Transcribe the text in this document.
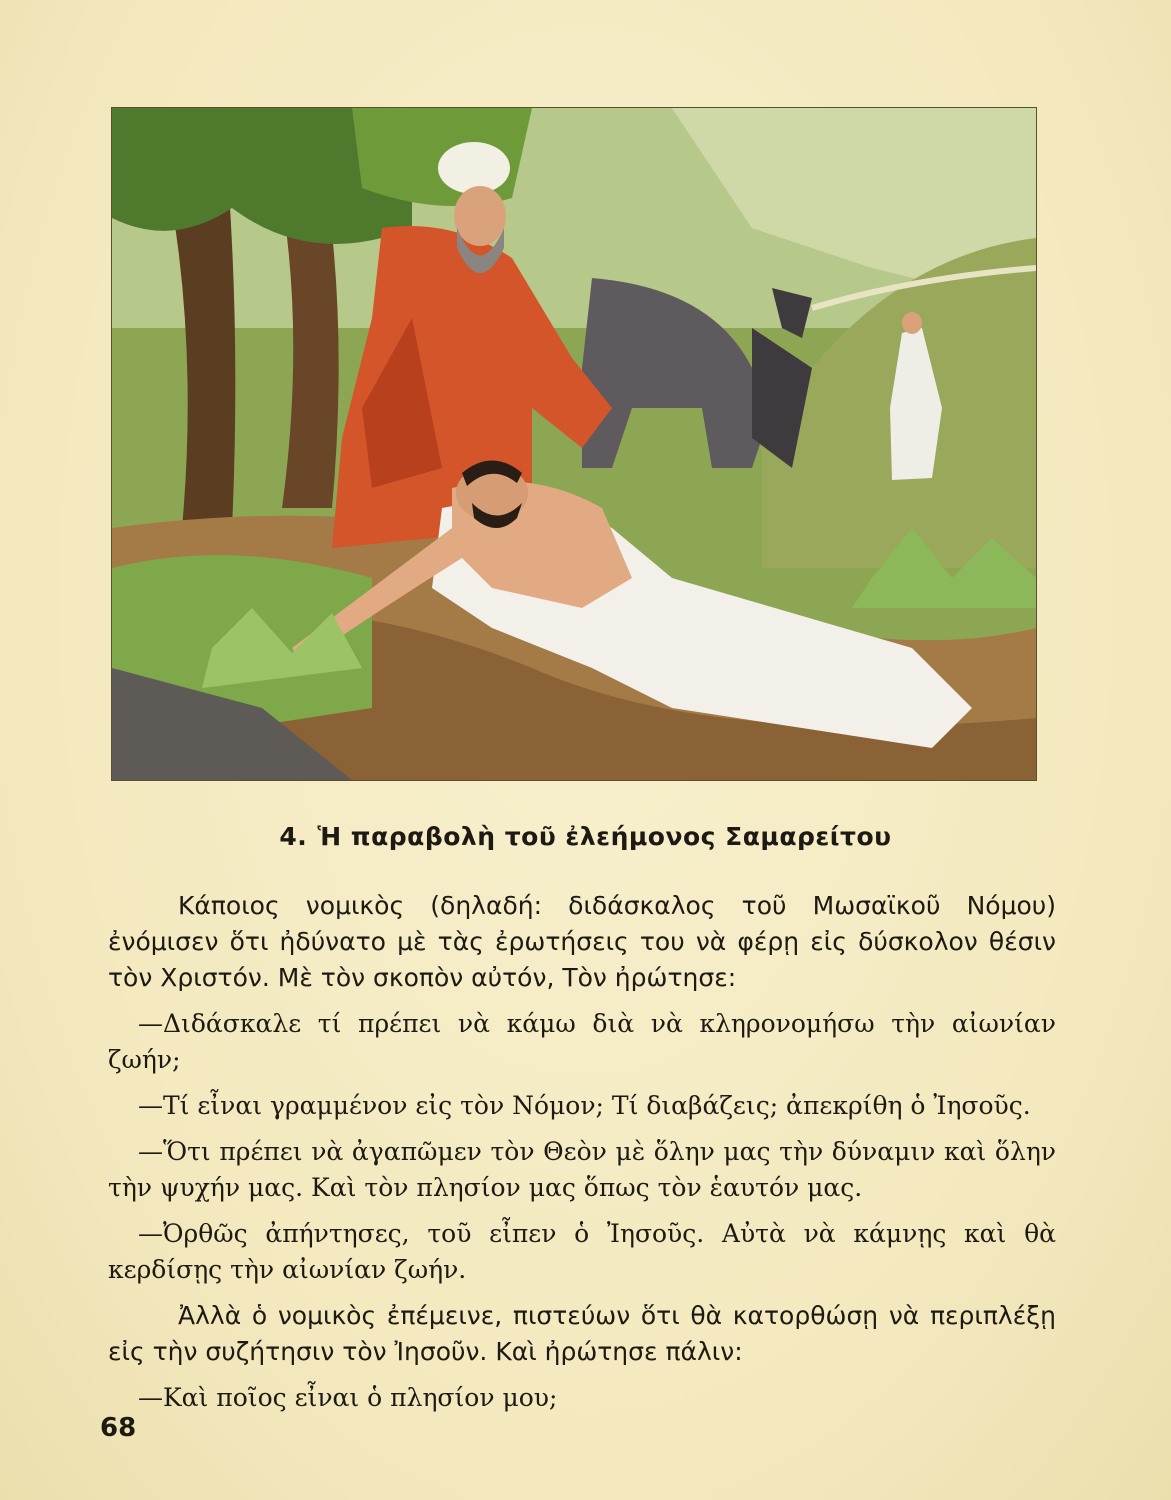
4. Ἡ παραβολὴ τοῦ ἐλεήμονος Σαμαρείτου

Κάποιος νομικὸς (δηλαδή: διδάσκαλος τοῦ Μωσαϊκοῦ Νόμου) ἐνόμισεν ὅτι ἠδύνατο μὲ τὰς ἐρωτήσεις του νὰ φέρῃ εἰς δύσκολον θέσιν τὸν Χριστόν. Μὲ τὸν σκοπὸν αὐτόν, Τὸν ἠρώτησε:

—Διδάσκαλε τί πρέπει νὰ κάμω διὰ νὰ κληρονομήσω τὴν αἰωνίαν ζωήν;

—Τί εἶναι γραμμένον εἰς τὸν Νόμον; Τί διαβάζεις; ἀπεκρίθη ὁ Ἰησοῦς.

—Ὅτι πρέπει νὰ ἀγαπῶμεν τὸν Θεὸν μὲ ὅλην μας τὴν δύναμιν καὶ ὅλην τὴν ψυχήν μας. Καὶ τὸν πλησίον μας ὅπως τὸν ἑαυτόν μας.

—Ὀρθῶς ἀπήντησες, τοῦ εἶπεν ὁ Ἰησοῦς. Αὐτὰ νὰ κάμνῃς καὶ θὰ κερδίσῃς τὴν αἰωνίαν ζωήν.

Ἀλλὰ ὁ νομικὸς ἐπέμεινε, πιστεύων ὅτι θὰ κατορθώσῃ νὰ περιπλέξῃ εἰς τὴν συζήτησιν τὸν Ἰησοῦν. Καὶ ἠρώτησε πάλιν:

—Καὶ ποῖος εἶναι ὁ πλησίον μου;

68
